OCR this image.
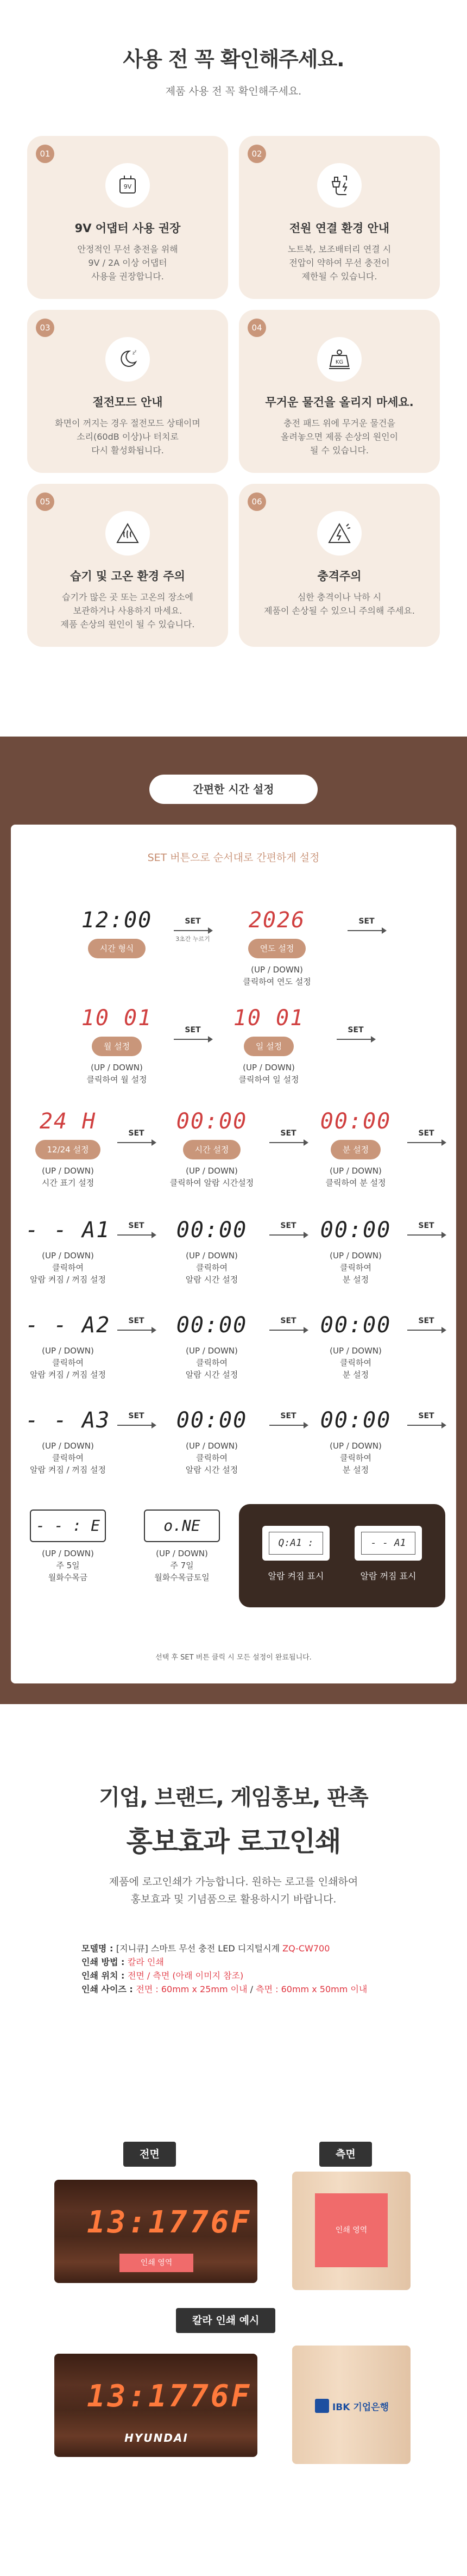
사용 전 꼭 확인해주세요.

제품 사용 전 꼭 확인해주세요.

01
9V
9V 어댑터 사용 권장

안정적인 무선 충전을 위해
9V / 2A 이상 어댑터
사용을 권장합니다.

02
전원 연결 환경 안내

노트북, 보조배터리 연결 시
전압이 약하여 무선 충전이
제한될 수 있습니다.

03
z z
절전모드 안내

화면이 꺼지는 경우 절전모드 상태이며
소리(60dB 이상)나 터치로
다시 활성화됩니다.

04
KG
무거운 물건을 올리지 마세요.

충전 패드 위에 무거운 물건을
올려놓으면 제품 손상의 원인이
될 수 있습니다.

05
습기 및 고온 환경 주의

습기가 많은 곳 또는 고온의 장소에
보관하거나 사용하지 마세요.
제품 손상의 원인이 될 수 있습니다.

06
충격주의

심한 충격이나 낙하 시
제품이 손상될 수 있으니 주의해 주세요.

간편한 시간 설정
SET 버튼으로 순서대로 간편하게 설정
12:00
시간 형식
SET
3초간 누르기
2026
연도 설정
(UP / DOWN)
클릭하여 연도 설정
SET
10 01
월 설정
(UP / DOWN)
클릭하여 월 설정
SET	10 01
일 설정
(UP / DOWN)
클릭하여 일 설정
SET
24 H
12/24 설정
(UP / DOWN)
시간 표기 설정
SET	00:00
시간 설정
(UP / DOWN)
클릭하여 알람 시간설정
SET	00:00
분 설정
(UP / DOWN)
클릭하여 분 설정
SET
- - A1
(UP / DOWN)
클릭하여
알람 켜짐 / 꺼짐 설정
SET	00:00
(UP / DOWN)
클릭하여
알람 시간 설정
SET	00:00
(UP / DOWN)
클릭하여
분 설정
SET
- - A2
(UP / DOWN)
클릭하여
알람 켜짐 / 꺼짐 설정
SET	00:00
(UP / DOWN)
클릭하여
알람 시간 설정
SET	00:00
(UP / DOWN)
클릭하여
분 설정
SET
- - A3
(UP / DOWN)
클릭하여
알람 켜짐 / 꺼짐 설정
SET	00:00
(UP / DOWN)
클릭하여
알람 시간 설정
SET	00:00
(UP / DOWN)
클릭하여
분 설정
SET
- - : E
(UP / DOWN)
주 5일
월화수목금
o.NE
(UP / DOWN)
주 7일
월화수목금토일
Q:A1 :
알람 켜짐 표시
- - A1
알람 꺼짐 표시
선택 후 SET 버튼 클릭 시 모든 설정이 완료됩니다.
기업, 브랜드, 게임홍보, 판촉
홍보효과 로고인쇄

제품에 로고인쇄가 가능합니다. 원하는 로고를 인쇄하여
홍보효과 및 기념품으로 활용하시기 바랍니다.

모델명 : [지니큐] 스마트 무선 충전 LED 디지털시계 ZQ-CW700
인쇄 방법 : 칼라 인쇄
인쇄 위치 : 전면 / 측면 (아래 이미지 참조)
인쇄 사이즈 : 전면 : 60mm x 25mm 이내 / 측면 : 60mm x 50mm 이내
전면	측면
13:17 76F
인쇄 영역
인쇄 영역
칼라 인쇄 예시
13:17 76F
HYUNDAI
IBK 기업은행
